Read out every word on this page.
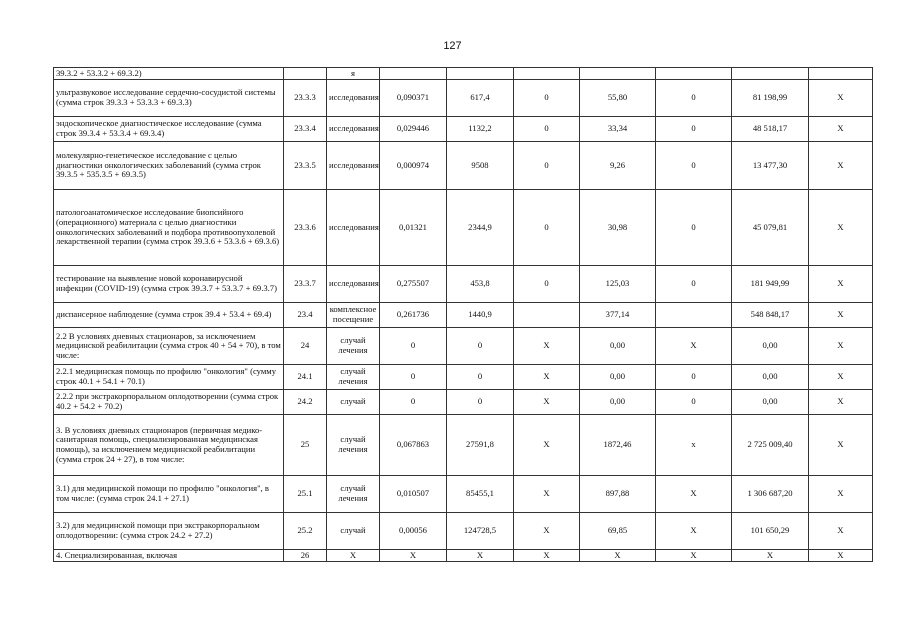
127
39.3.2 + 53.3.2 + 69.3.2)		я							
ультразвуковое исследование сердечно-сосудистой системы (сумма строк 39.3.3 + 53.3.3 + 69.3.3)	23.3.3	исследования	0,090371	617,4	0	55,80	0	81 198,99	X
эндоскопическое диагностическое исследование (сумма строк 39.3.4 + 53.3.4 + 69.3.4)	23.3.4	исследования	0,029446	1132,2	0	33,34	0	48 518,17	X
молекулярно-генетическое исследование с целью диагностики онкологических заболеваний (сумма строк 39.3.5 + 535.3.5 + 69.3.5)	23.3.5	исследования	0,000974	9508	0	9,26	0	13 477,30	X
патологоанатомическое исследование биопсийного (операционного) материала с целью диагностики онкологических заболеваний и подбора противоопухолевой лекарственной терапии (сумма строк 39.3.6 + 53.3.6 + 69.3.6)	23.3.6	исследования	0,01321	2344,9	0	30,98	0	45 079,81	X
тестирование на выявление новой коронавирусной инфекции (COVID-19) (сумма строк 39.3.7 + 53.3.7 + 69.3.7)	23.3.7	исследования	0,275507	453,8	0	125,03	0	181 949,99	X
диспансерное наблюдение (сумма строк 39.4 + 53.4 + 69.4)	23.4	комплексное посещение	0,261736	1440,9		377,14		548 848,17	X
2.2 В условиях дневных стационаров, за исключением медицинской реабилитации (сумма строк 40 + 54 + 70), в том числе:	24	случай лечения	0	0	X	0,00	X	0,00	X
2.2.1 медицинская помощь по профилю "онкология" (сумму строк 40.1 + 54.1 + 70.1)	24.1	случай лечения	0	0	X	0,00	0	0,00	X
2.2.2 при экстракорпоральном оплодотворении (сумма строк 40.2 + 54.2 + 70.2)	24.2	случай	0	0	X	0,00	0	0,00	X
3. В условиях дневных стационаров (первичная медико-санитарная помощь, специализированная медицинская помощь), за исключением медицинской реабилитации (сумма строк 24 + 27), в том числе:	25	случай лечения	0,067863	27591,8	X	1872,46	x	2 725 009,40	X
3.1) для медицинской помощи по профилю "онкология", в том числе: (сумма строк 24.1 + 27.1)	25.1	случай лечения	0,010507	85455,1	X	897,88	X	1 306 687,20	X
3.2) для медицинской помощи при экстракорпоральном оплодотворении: (сумма строк 24.2 + 27.2)	25.2	случай	0,00056	124728,5	X	69,85	X	101 650,29	X
4. Специализированная, включая	26	X	X	X	X	X	X	X	X
